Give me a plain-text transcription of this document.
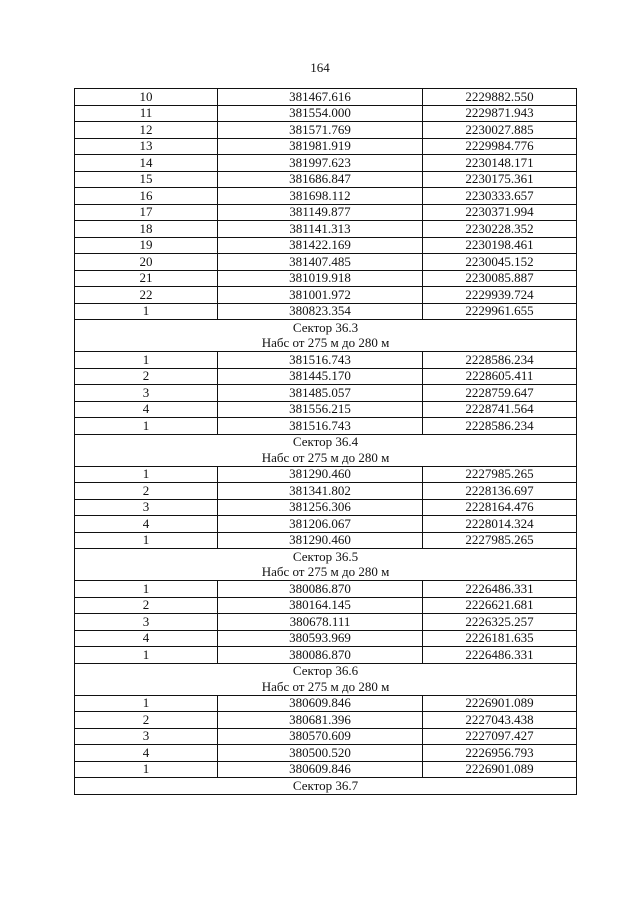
164
10	381467.616	2229882.550
11	381554.000	2229871.943
12	381571.769	2230027.885
13	381981.919	2229984.776
14	381997.623	2230148.171
15	381686.847	2230175.361
16	381698.112	2230333.657
17	381149.877	2230371.994
18	381141.313	2230228.352
19	381422.169	2230198.461
20	381407.485	2230045.152
21	381019.918	2230085.887
22	381001.972	2229939.724
1	380823.354	2229961.655
Сектор 36.3		
Набс от 275 м до 280 м		
1	381516.743	2228586.234
2	381445.170	2228605.411
3	381485.057	2228759.647
4	381556.215	2228741.564
1	381516.743	2228586.234
Сектор 36.4		
Набс от 275 м до 280 м		
1	381290.460	2227985.265
2	381341.802	2228136.697
3	381256.306	2228164.476
4	381206.067	2228014.324
1	381290.460	2227985.265
Сектор 36.5		
Набс от 275 м до 280 м		
1	380086.870	2226486.331
2	380164.145	2226621.681
3	380678.111	2226325.257
4	380593.969	2226181.635
1	380086.870	2226486.331
Сектор 36.6		
Набс от 275 м до 280 м		
1	380609.846	2226901.089
2	380681.396	2227043.438
3	380570.609	2227097.427
4	380500.520	2226956.793
1	380609.846	2226901.089
Сектор 36.7		
